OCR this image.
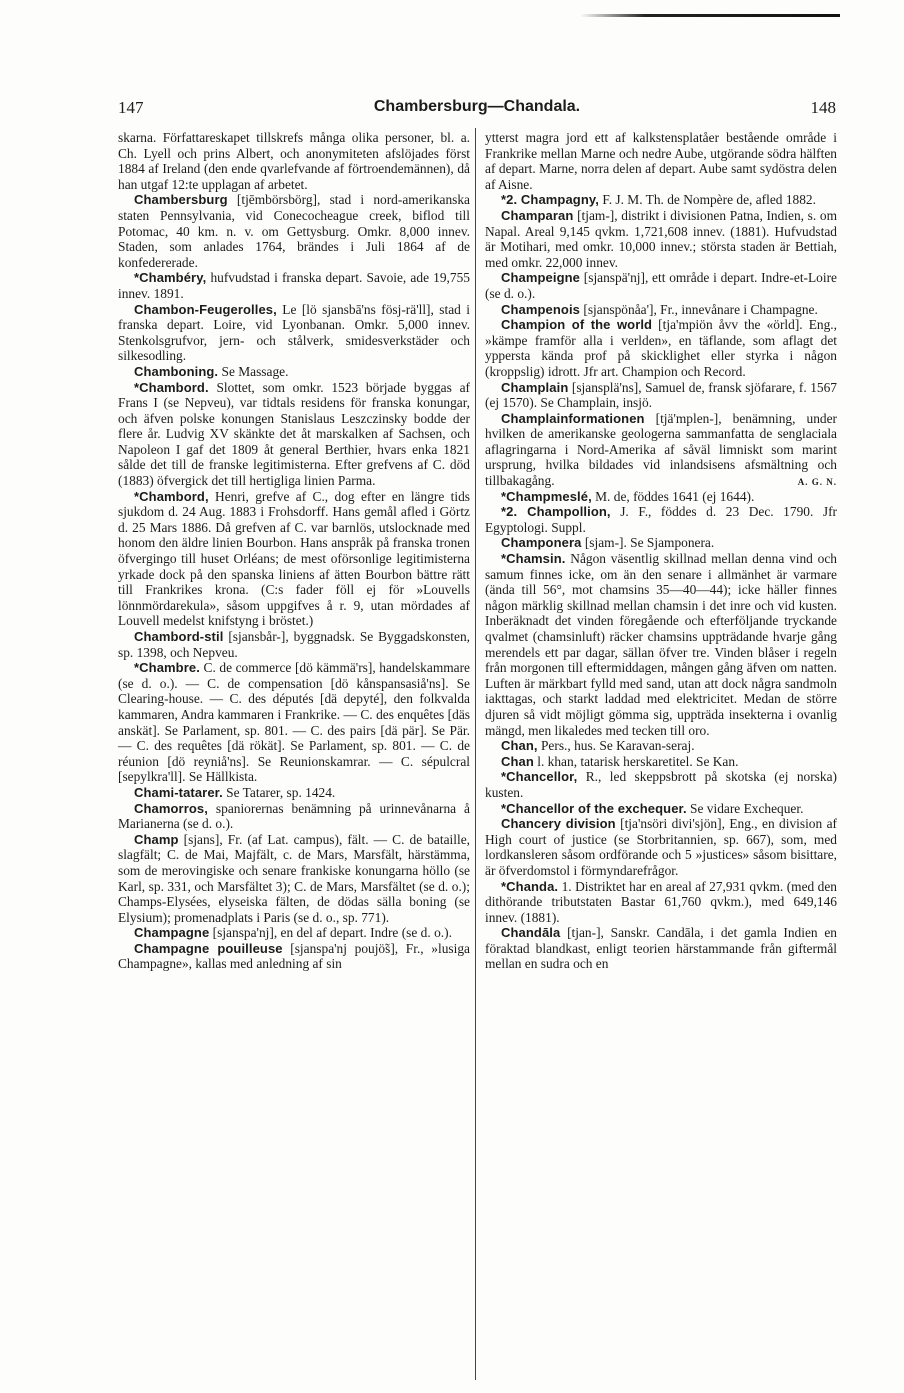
147	Chambersburg—Chandala.	148

skarna. Författareskapet tillskrefs många olika personer, bl. a. Ch. Lyell och prins Albert, och anonymiteten afslöjades först 1884 af Ireland (den ende qvarlefvande af förtroendemännen), då han utgaf 12:te upplagan af arbetet.

Chambersburg [tjēmbörsbörg], stad i nord-amerikanska staten Pennsylvania, vid Conecocheague creek, biflod till Potomac, 40 km. n. v. om Gettysburg. Omkr. 8,000 innev. Staden, som anlades 1764, brändes i Juli 1864 af de konfedererade.

*Chambéry, hufvudstad i franska depart. Savoie, ade 19,755 innev. 1891.

Chambon-Feugerolles, Le [lö sjansbā'ns fösj-rä'll], stad i franska depart. Loire, vid Lyonbanan. Omkr. 5,000 innev. Stenkolsgrufvor, jern- och stålverk, smidesverkstäder och silkesodling.

Chamboning. Se Massage.

*Chambord. Slottet, som omkr. 1523 började byggas af Frans I (se Nepveu), var tidtals residens för franska konungar, och äfven polske konungen Stanislaus Leszczinsky bodde der flere år. Ludvig XV skänkte det åt marskalken af Sachsen, och Napoleon I gaf det 1809 åt general Berthier, hvars enka 1821 sålde det till de franske legitimisterna. Efter grefvens af C. död (1883) öfvergick det till hertigliga linien Parma.

*Chambord, Henri, grefve af C., dog efter en längre tids sjukdom d. 24 Aug. 1883 i Frohsdorff. Hans gemål afled i Görtz d. 25 Mars 1886. Då grefven af C. var barnlös, utslocknade med honom den äldre linien Bourbon. Hans anspråk på franska tronen öfvergingo till huset Orléans; de mest oförsonlige legitimisterna yrkade dock på den spanska liniens af ätten Bourbon bättre rätt till Frankrikes krona. (C:s fader föll ej för »Louvells lönnmördarekula», såsom uppgifves å r. 9, utan mördades af Louvell medelst knifstyng i bröstet.)

Chambord-stil [sjansbår-], byggnadsk. Se Byggadskonsten, sp. 1398, och Nepveu.

*Chambre. C. de commerce [dö kämmä'rs], handelskammare (se d. o.). — C. de compensation [dö kånspansasiå'ns]. Se Clearing-house. — C. des députés [dä depyté], den folkvalda kammaren, Andra kammaren i Frankrike. — C. des enquêtes [däs anskät]. Se Parlament, sp. 801. — C. des pairs [dä pär]. Se Pär. — C. des requêtes [dä rökät]. Se Parlament, sp. 801. — C. de réunion [dö reyniå'ns]. Se Reunionskamrar. — C. sépulcral [sepylkra'll]. Se Hällkista.

Chami-tatarer. Se Tatarer, sp. 1424.

Chamorros, spaniorernas benämning på urinnevånarna å Marianerna (se d. o.).

Champ [sjans], Fr. (af Lat. campus), fält. — C. de bataille, slagfält; C. de Mai, Majfält, c. de Mars, Marsfält, härstämma, som de merovingiske och senare frankiske konungarna höllo (se Karl, sp. 331, och Marsfältet 3); C. de Mars, Marsfältet (se d. o.); Champs-Elysées, elyseiska fälten, de dödas sälla boning (se Elysium); promenadplats i Paris (se d. o., sp. 771).

Champagne [sjanspa'nj], en del af depart. Indre (se d. o.).

Champagne pouilleuse [sjanspa'nj poujö̃s], Fr., »lusiga Champagne», kallas med anledning af sin

ytterst magra jord ett af kalkstensplatåer bestående område i Frankrike mellan Marne och nedre Aube, utgörande södra hälften af depart. Marne, norra delen af depart. Aube samt sydöstra delen af Aisne.

*2. Champagny, F. J. M. Th. de Nompère de, afled 1882.

Champaran [tjam-], distrikt i divisionen Patna, Indien, s. om Napal. Areal 9,145 qvkm. 1,721,608 innev. (1881). Hufvudstad är Motihari, med omkr. 10,000 innev.; största staden är Bettiah, med omkr. 22,000 innev.

Champeigne [sjanspä'nj], ett område i depart. Indre-et-Loire (se d. o.).

Champenois [sjanspönåa'], Fr., innevånare i Champagne.

Champion of the world [tja'mpiön åvv the «örld]. Eng., »kämpe framför alla i verlden», en täflande, som aflagt det yppersta kända prof på skicklighet eller styrka i någon (kroppslig) idrott. Jfr art. Champion och Record.

Champlain [sjansplä'ns], Samuel de, fransk sjöfarare, f. 1567 (ej 1570). Se Champlain, insjö.

Champlainformationen [tjä'mplen-], benämning, under hvilken de amerikanske geologerna sammanfatta de senglaciala aflagringarna i Nord-Amerika af såväl limniskt som marint ursprung, hvilka bildades vid inlandsisens afsmältning och tillbakagång.	A. G. N.

*Champmeslé, M. de, föddes 1641 (ej 1644).

*2. Champollion, J. F., föddes d. 23 Dec. 1790. Jfr Egyptologi. Suppl.

Champonera [sjam-]. Se Sjamponera.

*Chamsin. Någon väsentlig skillnad mellan denna vind och samum finnes icke, om än den senare i allmänhet är varmare (ända till 56°, mot chamsins 35—40—44); icke häller finnes någon märklig skillnad mellan chamsin i det inre och vid kusten. Inberäknadt det vinden föregående och efterföljande tryckande qvalmet (chamsinluft) räcker chamsins uppträdande hvarje gång merendels ett par dagar, sällan öfver tre. Vinden blåser i regeln från morgonen till eftermiddagen, mången gång äfven om natten. Luften är märkbart fylld med sand, utan att dock några sandmoln iakttagas, och starkt laddad med elektricitet. Medan de större djuren så vidt möjligt gömma sig, uppträda insekterna i ovanlig mängd, men likaledes med tecken till oro.

Chan, Pers., hus. Se Karavan-seraj.

Chan l. khan, tatarisk herskaretitel. Se Kan.

*Chancellor, R., led skeppsbrott på skotska (ej norska) kusten.

*Chancellor of the exchequer. Se vidare Exchequer.

Chancery division [tja'nsöri divi'sjön], Eng., en division af High court of justice (se Storbritannien, sp. 667), som, med lordkansleren såsom ordförande och 5 »justices» såsom bisittare, är öfverdomstol i förmyndarefrågor.

*Chanda. 1. Distriktet har en areal af 27,931 qvkm. (med den dithörande tributstaten Bastar 61,760 qvkm.), med 649,146 innev. (1881).

Chandāla [tjan-], Sanskr. Candāla, i det gamla Indien en föraktad blandkast, enligt teorien härstammande från giftermål mellan en sudra och en
